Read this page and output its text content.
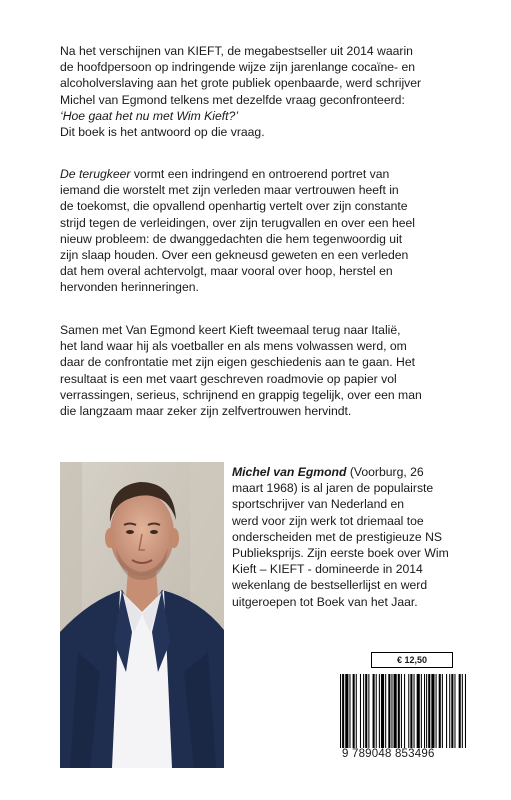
Na het verschijnen van KIEFT, de megabestseller uit 2014 waarin
de hoofdpersoon op indringende wijze zijn jarenlange cocaïne- en
alcoholverslaving aan het grote publiek openbaarde, werd schrijver
Michel van Egmond telkens met dezelfde vraag geconfronteerd:
‘Hoe gaat het nu met Wim Kieft?’
Dit boek is het antwoord op die vraag.
De terugkeer vormt een indringend en ontroerend portret van
iemand die worstelt met zijn verleden maar vertrouwen heeft in
de toekomst, die opvallend openhartig vertelt over zijn constante
strijd tegen de verleidingen, over zijn terugvallen en over een heel
nieuw probleem: de dwanggedachten die hem tegenwoordig uit
zijn slaap houden. Over een gekneusd geweten en een verleden
dat hem overal achtervolgt, maar vooral over hoop, herstel en
hervonden herinneringen.
Samen met Van Egmond keert Kieft tweemaal terug naar Italië,
het land waar hij als voetballer en als mens volwassen werd, om
daar de confrontatie met zijn eigen geschiedenis aan te gaan. Het
resultaat is een met vaart geschreven roadmovie op papier vol
verrassingen, serieus, schrijnend en grappig tegelijk, over een man
die langzaam maar zeker zijn zelfvertrouwen hervindt.
Michel van Egmond (Voorburg, 26
maart 1968) is al jaren de populairste
sportschrijver van Nederland en
werd voor zijn werk tot driemaal toe
onderscheiden met de prestigieuze NS
Publieksprijs. Zijn eerste boek over Wim
Kieft – KIEFT - domineerde in 2014
wekenlang de bestsellerlijst en werd
uitgeroepen tot Boek van het Jaar.
€ 12,50
9 789048 853496
